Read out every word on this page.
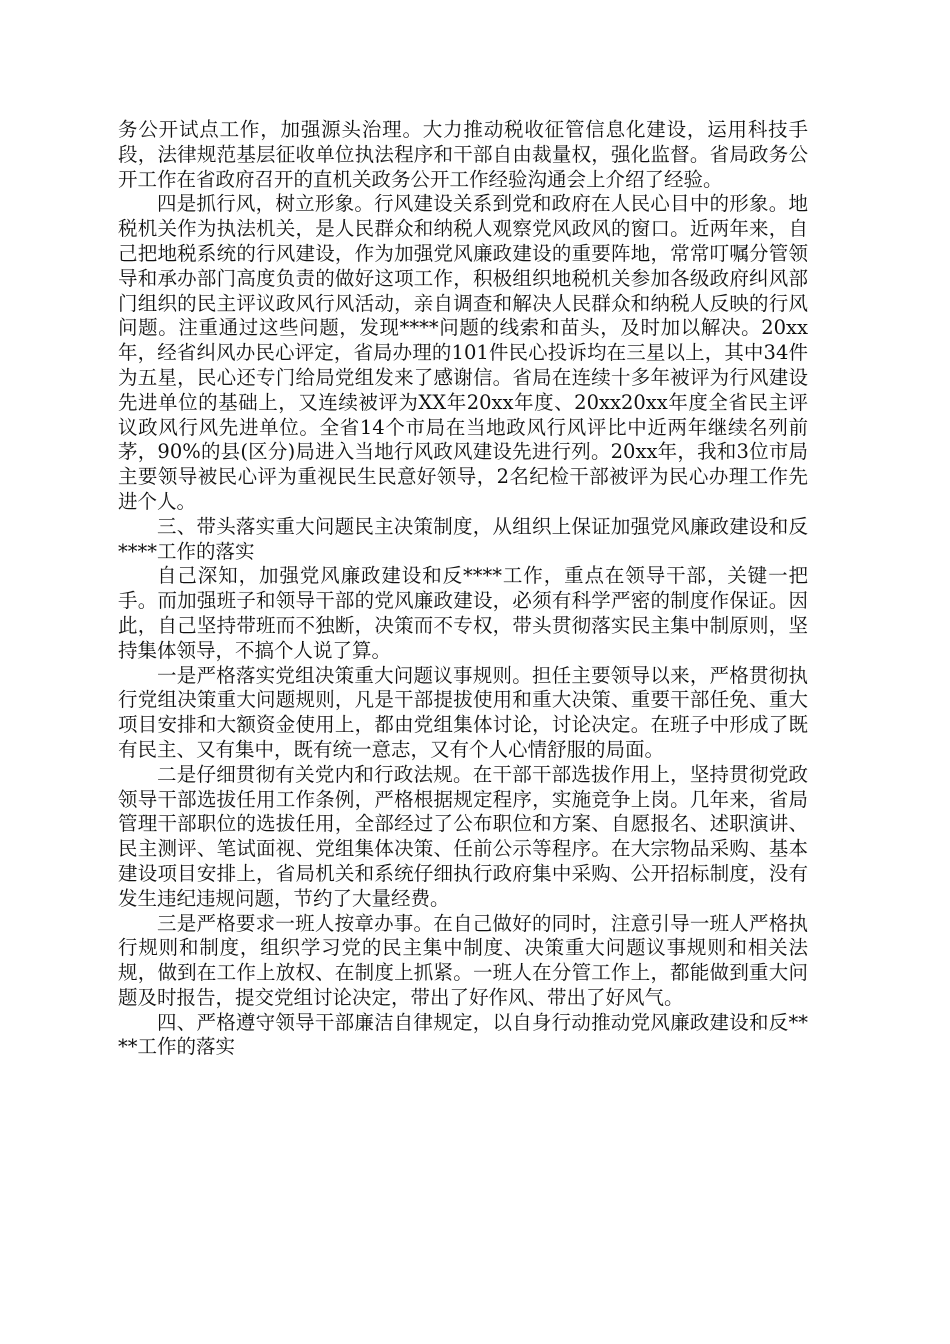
务公开试点工作，加强源头治理。大力推动税收征管信息化建设，运用科技手段，法律规范基层征收单位执法程序和干部自由裁量权，强化监督。省局政务公开工作在省政府召开的直机关政务公开工作经验沟通会上介绍了经验。

四是抓行风，树立形象。行风建设关系到党和政府在人民心目中的形象。地税机关作为执法机关，是人民群众和纳税人观察党风政风的窗口。近两年来，自己把地税系统的行风建设，作为加强党风廉政建设的重要阵地，常常叮嘱分管领导和承办部门高度负责的做好这项工作，积极组织地税机关参加各级政府纠风部门组织的民主评议政风行风活动，亲自调查和解决人民群众和纳税人反映的行风问题。注重通过这些问题，发现****问题的线索和苗头，及时加以解决。20xx年，经省纠风办民心评定，省局办理的101件民心投诉均在三星以上，其中34件为五星，民心还专门给局党组发来了感谢信。省局在连续十多年被评为行风建设先进单位的基础上，又连续被评为XX年20xx年度、20xx20xx年度全省民主评议政风行风先进单位。全省14个市局在当地政风行风评比中近两年继续名列前茅，90%的县(区分)局进入当地行风政风建设先进行列。20xx年，我和3位市局主要领导被民心评为重视民生民意好领导，2名纪检干部被评为民心办理工作先进个人。

三、带头落实重大问题民主决策制度，从组织上保证加强党风廉政建设和反****工作的落实

自己深知，加强党风廉政建设和反****工作，重点在领导干部，关键一把手。而加强班子和领导干部的党风廉政建设，必须有科学严密的制度作保证。因此，自己坚持带班而不独断，决策而不专权，带头贯彻落实民主集中制原则，坚持集体领导，不搞个人说了算。

一是严格落实党组决策重大问题议事规则。担任主要领导以来，严格贯彻执行党组决策重大问题规则，凡是干部提拔使用和重大决策、重要干部任免、重大项目安排和大额资金使用上，都由党组集体讨论，讨论决定。在班子中形成了既有民主、又有集中，既有统一意志，又有个人心情舒服的局面。

二是仔细贯彻有关党内和行政法规。在干部干部选拔作用上，坚持贯彻党政领导干部选拔任用工作条例，严格根据规定程序，实施竞争上岗。几年来，省局管理干部职位的选拔任用，全部经过了公布职位和方案、自愿报名、述职演讲、民主测评、笔试面视、党组集体决策、任前公示等程序。在大宗物品采购、基本建设项目安排上，省局机关和系统仔细执行政府集中采购、公开招标制度，没有发生违纪违规问题，节约了大量经费。

三是严格要求一班人按章办事。在自己做好的同时，注意引导一班人严格执行规则和制度，组织学习党的民主集中制度、决策重大问题议事规则和相关法规，做到在工作上放权、在制度上抓紧。一班人在分管工作上，都能做到重大问题及时报告，提交党组讨论决定，带出了好作风、带出了好风气。

四、严格遵守领导干部廉洁自律规定，以自身行动推动党风廉政建设和反****工作的落实
